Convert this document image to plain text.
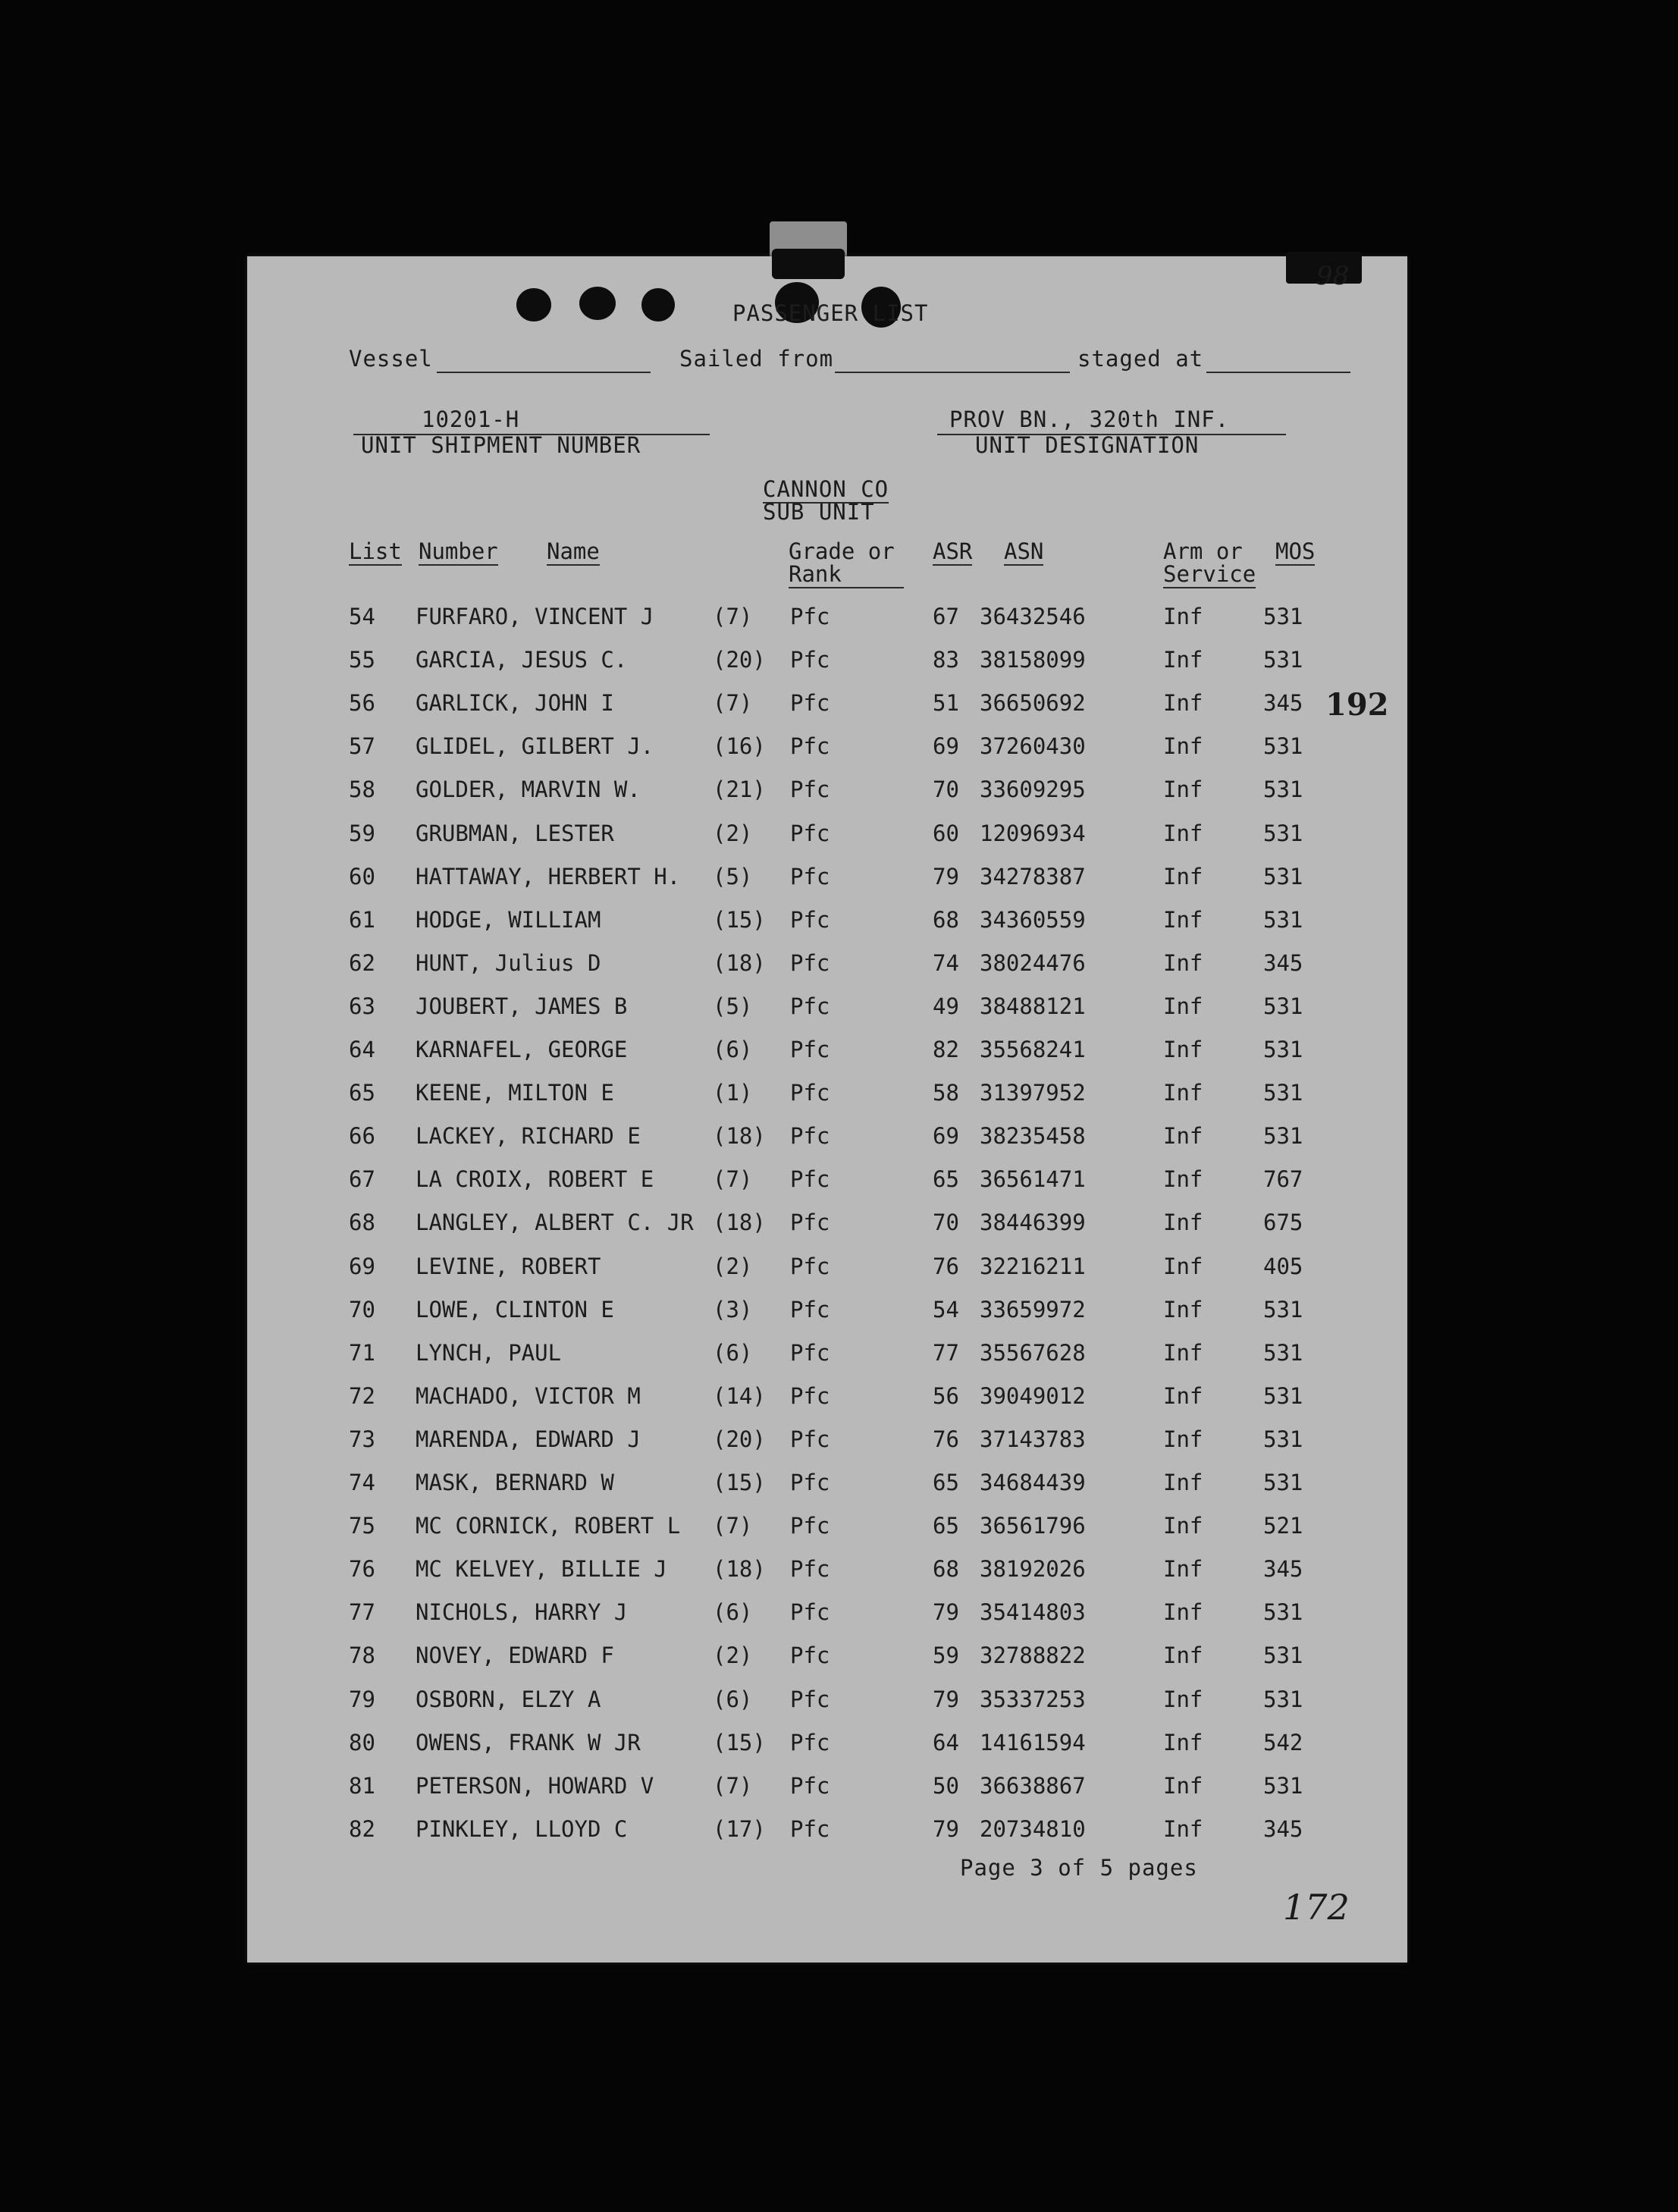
PASSENGER LIST
Vessel	Sailed from	staged at
10201-H
UNIT SHIPMENT NUMBER
PROV BN., 320th INF.
UNIT DESIGNATION
CANNON CO
SUB UNIT
List Number Name	Grade or
Rank
ASR ASN	Arm or
Service
MOS
54 FURFARO, VINCENT J	(7) Pfc	67 36432546	Inf	531
55 GARCIA, JESUS C.	(20) Pfc	83 38158099	Inf	531
56 GARLICK, JOHN I	(7) Pfc	51 36650692	Inf	345
57 GLIDEL, GILBERT J.	(16) Pfc	69 37260430	Inf	531
58 GOLDER, MARVIN W.	(21) Pfc	70 33609295	Inf	531
59 GRUBMAN, LESTER	(2) Pfc	60 12096934	Inf	531
60 HATTAWAY, HERBERT H. (5) Pfc	79 34278387	Inf	531
61 HODGE, WILLIAM	(15) Pfc	68 34360559	Inf	531
62 HUNT, Julius D	(18) Pfc	74 38024476	Inf	345
63 JOUBERT, JAMES B	(5) Pfc	49 38488121	Inf	531
64 KARNAFEL, GEORGE	(6) Pfc	82 35568241	Inf	531
65 KEENE, MILTON E	(1) Pfc	58 31397952	Inf	531
66 LACKEY, RICHARD E	(18) Pfc	69 38235458	Inf	531
67 LA CROIX, ROBERT E	(7) Pfc	65 36561471	Inf	767
68 LANGLEY, ALBERT C. JR (18) Pfc	70 38446399	Inf	675
69 LEVINE, ROBERT	(2) Pfc	76 32216211	Inf	405
70 LOWE, CLINTON E	(3) Pfc	54 33659972	Inf	531
71 LYNCH, PAUL	(6) Pfc	77 35567628	Inf	531
72 MACHADO, VICTOR M	(14) Pfc	56 39049012	Inf	531
73 MARENDA, EDWARD J	(20) Pfc	76 37143783	Inf	531
74 MASK, BERNARD W	(15) Pfc	65 34684439	Inf	531
75 MC CORNICK, ROBERT L (7) Pfc	65 36561796	Inf	521
76 MC KELVEY, BILLIE J (18) Pfc	68 38192026	Inf	345
77 NICHOLS, HARRY J	(6) Pfc	79 35414803	Inf	531
78 NOVEY, EDWARD F	(2) Pfc	59 32788822	Inf	531
79 OSBORN, ELZY A	(6) Pfc	79 35337253	Inf	531
80 OWENS, FRANK W JR	(15) Pfc	64 14161594	Inf	542
81 PETERSON, HOWARD V	(7) Pfc	50 36638867	Inf	531
82 PINKLEY, LLOYD C	(17) Pfc	79 20734810	Inf	345
Page 3 of 5 pages
98
192
172
